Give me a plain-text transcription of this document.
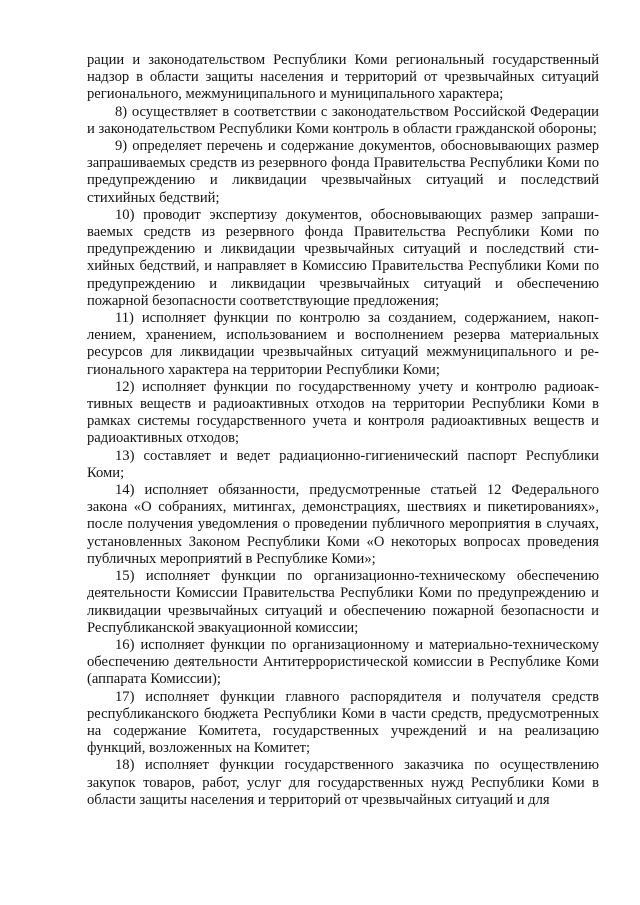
рации и законодательством Республики Коми региональный государственный надзор в области защиты населения и территорий от чрезвычайных ситуаций регионального, межмуниципального и муниципального характера;

8) осуществляет в соответствии с законодательством Российской Федерации и законодательством Республики Коми контроль в области гражданской обороны;

9) определяет перечень и содержание документов, обосновывающих размер запрашиваемых средств из резервного фонда Правительства Республики Коми по предупреждению и ликвидации чрезвычайных ситуаций и последствий стихийных бедствий;

10) проводит экспертизу документов, обосновывающих размер запрашиваемых средств из резервного фонда Правительства Республики Коми по предупреждению и ликвидации чрезвычайных ситуаций и последствий стихийных бедствий, и направляет в Комиссию Правительства Республики Коми по предупреждению и ликвидации чрезвычайных ситуаций и обеспечению пожарной безопасности соответствующие предложения;

11) исполняет функции по контролю за созданием, содержанием, накоплением, хранением, использованием и восполнением резерва материальных ресурсов для ликвидации чрезвычайных ситуаций межмуниципального и регионального характера на территории Республики Коми;

12) исполняет функции по государственному учету и контролю радиоактивных веществ и радиоактивных отходов на территории Республики Коми в рамках системы государственного учета и контроля радиоактивных веществ и радиоактивных отходов;

13) составляет и ведет радиационно-гигиенический паспорт Республики Коми;

14) исполняет обязанности, предусмотренные статьей 12 Федерального закона «О собраниях, митингах, демонстрациях, шествиях и пикетированиях», после получения уведомления о проведении публичного мероприятия в случаях, установленных Законом Республики Коми «О некоторых вопросах проведения публичных мероприятий в Республике Коми»;

15) исполняет функции по организационно-техническому обеспечению деятельности Комиссии Правительства Республики Коми по предупреждению и ликвидации чрезвычайных ситуаций и обеспечению пожарной безопасности и Республиканской эвакуационной комиссии;

16) исполняет функции по организационному и материально-техническому обеспечению деятельности Антитеррористической комиссии в Республике Коми (аппарата Комиссии);

17) исполняет функции главного распорядителя и получателя средств республиканского бюджета Республики Коми в части средств, предусмотренных на содержание Комитета, государственных учреждений и на реализацию функций, возложенных на Комитет;

18) исполняет функции государственного заказчика по осуществлению закупок товаров, работ, услуг для государственных нужд Республики Коми в области защиты населения и территорий от чрезвычайных ситуаций и для
